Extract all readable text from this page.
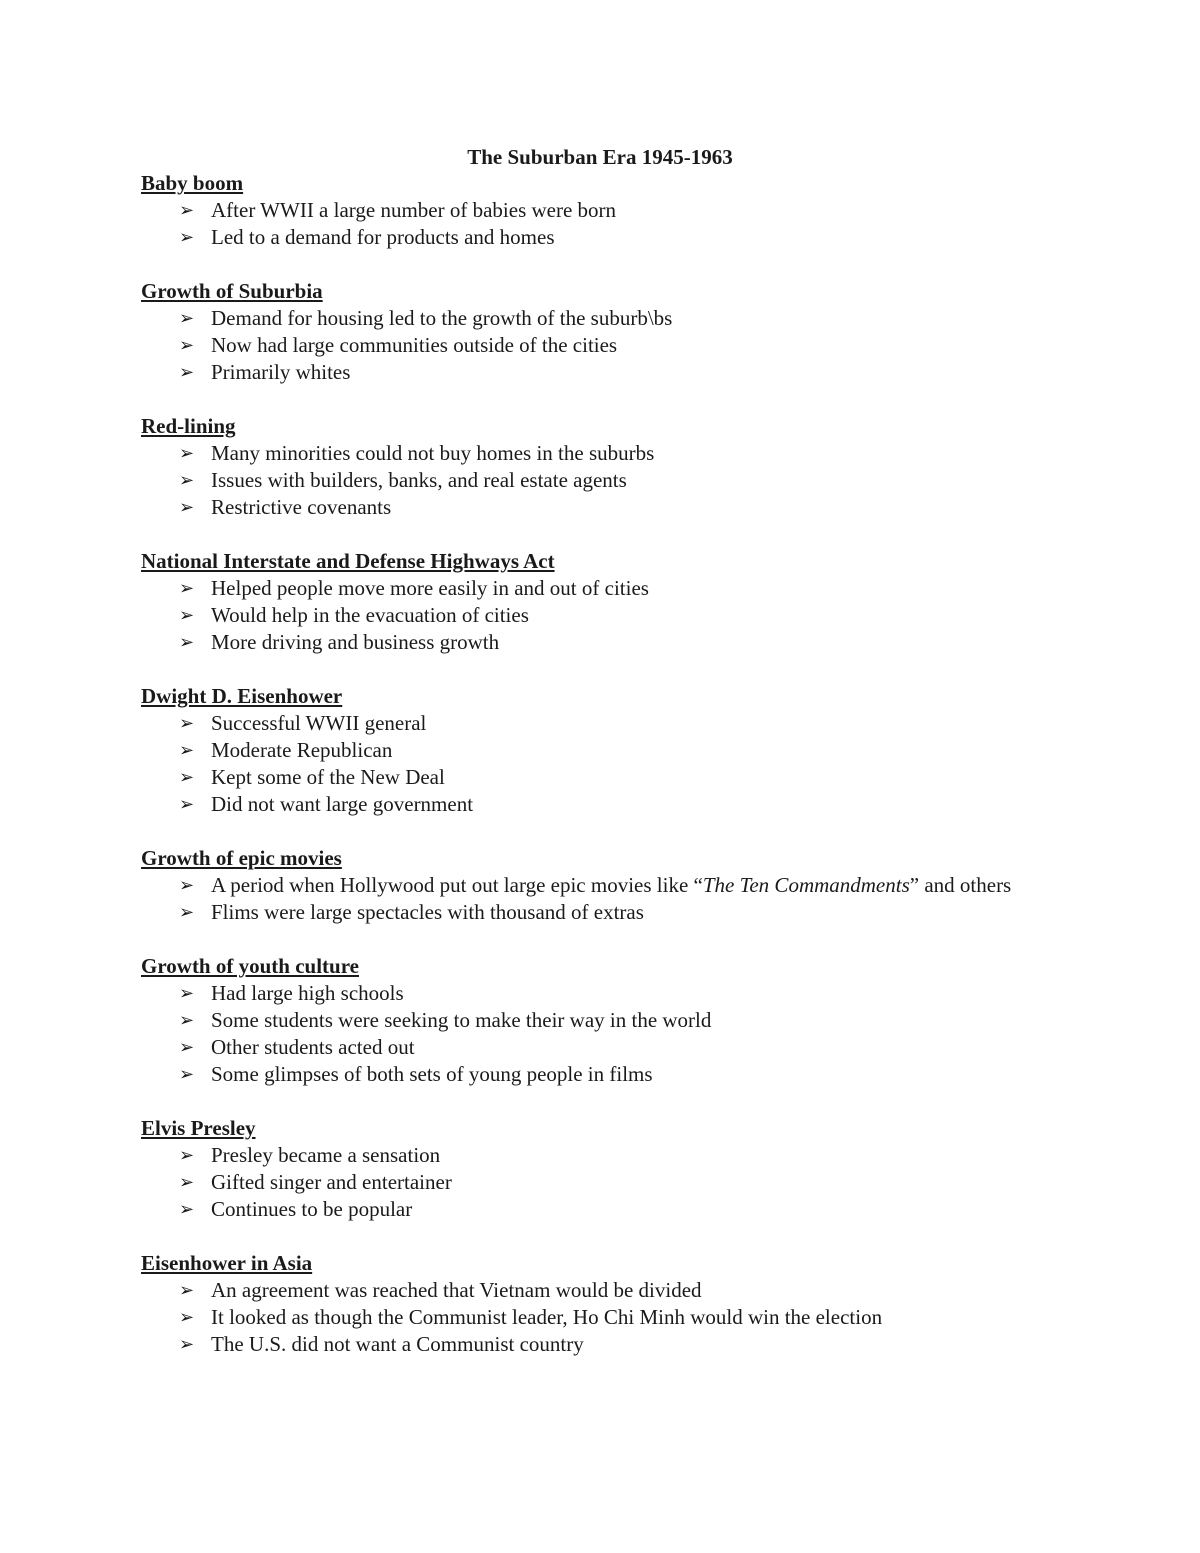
The Suburban Era 1945-1963
Baby boom
➢ After WWII a large number of babies were born
➢ Led to a demand for products and homes
Growth of Suburbia
➢ Demand for housing led to the growth of the suburb\bs
➢ Now had large communities outside of the cities
➢ Primarily whites
Red-lining
➢ Many minorities could not buy homes in the suburbs
➢ Issues with builders, banks, and real estate agents
➢ Restrictive covenants
National Interstate and Defense Highways Act
➢ Helped people move more easily in and out of cities
➢ Would help in the evacuation of cities
➢ More driving and business growth
Dwight D. Eisenhower
➢ Successful WWII general
➢ Moderate Republican
➢ Kept some of the New Deal
➢ Did not want large government
Growth of epic movies
➢ A period when Hollywood put out large epic movies like “The Ten Commandments” and others
➢ Flims were large spectacles with thousand of extras
Growth of youth culture
➢ Had large high schools
➢ Some students were seeking to make their way in the world
➢ Other students acted out
➢ Some glimpses of both sets of young people in films
Elvis Presley
➢ Presley became a sensation
➢ Gifted singer and entertainer
➢ Continues to be popular
Eisenhower in Asia
➢ An agreement was reached that Vietnam would be divided
➢ It looked as though the Communist leader, Ho Chi Minh would win the election
➢ The U.S. did not want a Communist country
